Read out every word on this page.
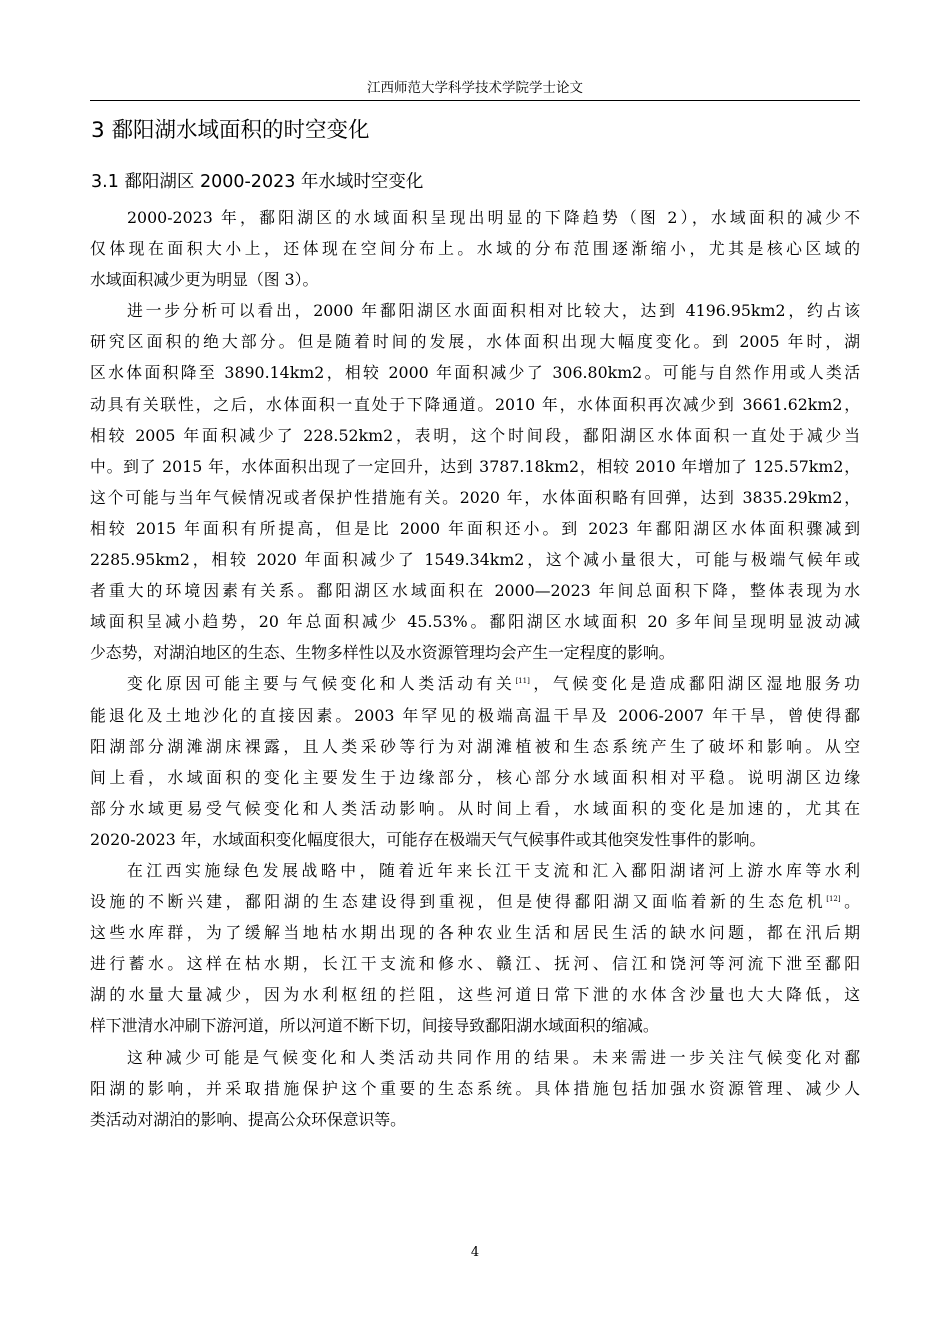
江西师范大学科学技术学院学士论文
3 鄱阳湖水域面积的时空变化
3.1 鄱阳湖区 2000-2023 年水域时空变化

2000-2023 年，鄱阳湖区的水域面积呈现出明显的下降趋势（图 2），水域面积的减少不
仅体现在面积大小上，还体现在空间分布上。水域的分布范围逐渐缩小，尤其是核心区域的
水域面积减少更为明显（图 3）。

进一步分析可以看出，2000 年鄱阳湖区水面面积相对比较大，达到 4196.95km2，约占该
研究区面积的绝大部分。但是随着时间的发展，水体面积出现大幅度变化。到 2005 年时，湖
区水体面积降至 3890.14km2，相较 2000 年面积减少了 306.80km2。可能与自然作用或人类活
动具有关联性，之后，水体面积一直处于下降通道。2010 年，水体面积再次减少到 3661.62km2，
相较 2005 年面积减少了 228.52km2，表明，这个时间段，鄱阳湖区水体面积一直处于减少当
中。到了 2015 年，水体面积出现了一定回升，达到 3787.18km2，相较 2010 年增加了 125.57km2，
这个可能与当年气候情况或者保护性措施有关。2020 年，水体面积略有回弹，达到 3835.29km2，
相较 2015 年面积有所提高，但是比 2000 年面积还小。到 2023 年鄱阳湖区水体面积骤减到
2285.95km2，相较 2020 年面积减少了 1549.34km2，这个减小量很大，可能与极端气候年或
者重大的环境因素有关系。鄱阳湖区水域面积在 2000—2023 年间总面积下降，整体表现为水
域面积呈减小趋势，20 年总面积减少 45.53%。鄱阳湖区水域面积 20 多年间呈现明显波动减
少态势，对湖泊地区的生态、生物多样性以及水资源管理均会产生一定程度的影响。

变化原因可能主要与气候变化和人类活动有关[11]，气候变化是造成鄱阳湖区湿地服务功
能退化及土地沙化的直接因素。2003 年罕见的极端高温干旱及 2006-2007 年干旱，曾使得鄱
阳湖部分湖滩湖床裸露，且人类采砂等行为对湖滩植被和生态系统产生了破坏和影响。从空
间上看，水域面积的变化主要发生于边缘部分，核心部分水域面积相对平稳。说明湖区边缘
部分水域更易受气候变化和人类活动影响。从时间上看，水域面积的变化是加速的，尤其在
2020-2023 年，水域面积变化幅度很大，可能存在极端天气气候事件或其他突发性事件的影响。

在江西实施绿色发展战略中，随着近年来长江干支流和汇入鄱阳湖诸河上游水库等水利
设施的不断兴建，鄱阳湖的生态建设得到重视，但是使得鄱阳湖又面临着新的生态危机[12]。
这些水库群，为了缓解当地枯水期出现的各种农业生活和居民生活的缺水问题，都在汛后期
进行蓄水。这样在枯水期，长江干支流和修水、赣江、抚河、信江和饶河等河流下泄至鄱阳
湖的水量大量减少，因为水利枢纽的拦阻，这些河道日常下泄的水体含沙量也大大降低，这
样下泄清水冲刷下游河道，所以河道不断下切，间接导致鄱阳湖水域面积的缩减。

这种减少可能是气候变化和人类活动共同作用的结果。未来需进一步关注气候变化对鄱
阳湖的影响，并采取措施保护这个重要的生态系统。具体措施包括加强水资源管理、减少人
类活动对湖泊的影响、提高公众环保意识等。

4
